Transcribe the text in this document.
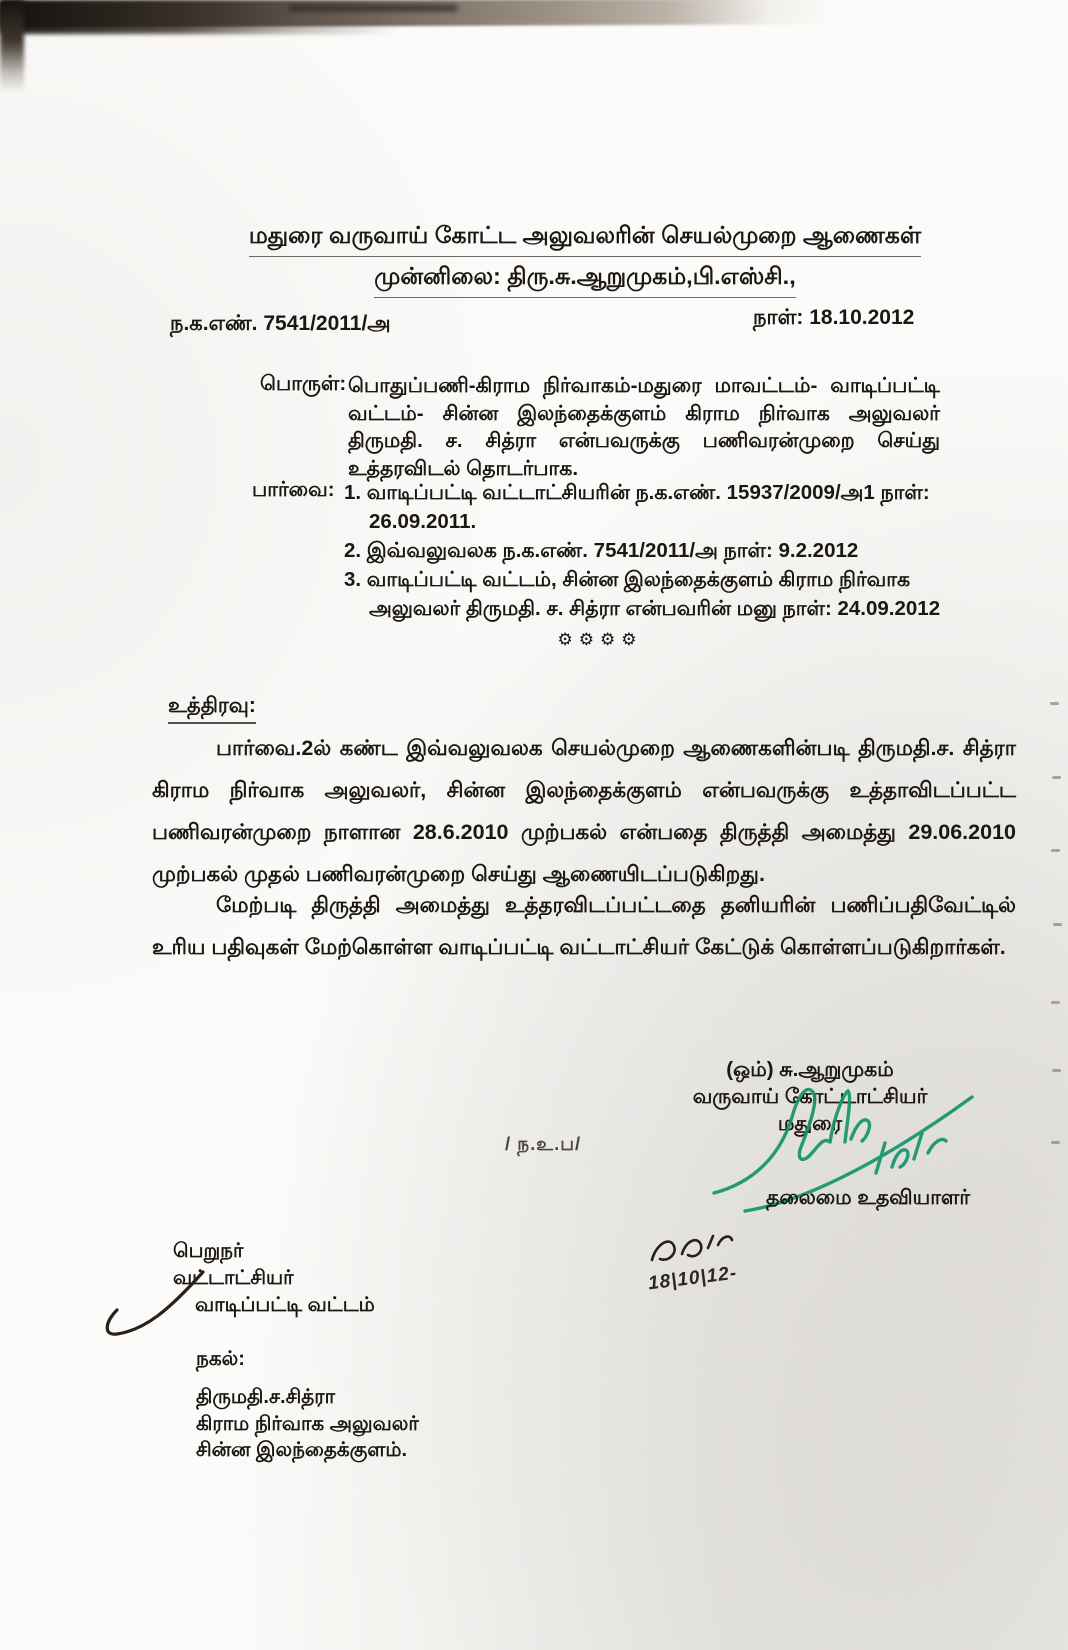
மதுரை வருவாய் கோட்ட அலுவலரின் செயல்முறை ஆணைகள்
முன்னிலை: திரு.சு.ஆறுமுகம்,பி.எஸ்சி.,
ந.க.எண். 7541/2011/அ	நாள்: 18.10.2012
பொருள்: பொதுப்பணி-கிராம நிர்வாகம்-மதுரை மாவட்டம்- வாடிப்பட்டி வட்டம்- சின்ன இலந்தைக்குளம் கிராம நிர்வாக அலுவலர் திருமதி. ச. சித்ரா என்பவருக்கு பணிவரன்முறை செய்து உத்தரவிடல் தொடர்பாக.
பார்வை: 1. வாடிப்பட்டி வட்டாட்சியரின் ந.க.எண். 15937/2009/அ1 நாள்: 26.09.2011.
2. இவ்வலுவலக ந.க.எண். 7541/2011/அ நாள்: 9.2.2012
3. வாடிப்பட்டி வட்டம், சின்ன இலந்தைக்குளம் கிராம நிர்வாக அலுவலர் திருமதி. ச. சித்ரா என்பவரின் மனு நாள்: 24.09.2012
⚙⚙⚙⚙
உத்திரவு:
பார்வை.2ல் கண்ட இவ்வலுவலக செயல்முறை ஆணைகளின்படி திருமதி.ச. சித்ரா கிராம நிர்வாக அலுவலர், சின்ன இலந்தைக்குளம் என்பவருக்கு உத்தாவிடப்பட்ட பணிவரன்முறை நாளான 28.6.2010 முற்பகல் என்பதை திருத்தி அமைத்து 29.06.2010 முற்பகல் முதல் பணிவரன்முறை செய்து ஆணையிடப்படுகிறது.
மேற்படி திருத்தி அமைத்து உத்தரவிடப்பட்டதை தனியரின் பணிப்பதிவேட்டில் உரிய பதிவுகள் மேற்கொள்ள வாடிப்பட்டி வட்டாட்சியர் கேட்டுக் கொள்ளப்படுகிறார்கள்.
(ஒம்) சு.ஆறுமுகம்
வருவாய் கோட்டாட்சியர்
மதுரை
/ ந.உ.ப/
தலைமை உதவியாளர்
18|10|12-
பெறுநர்
வட்டாட்சியர்
வாடிப்பட்டி வட்டம்
நகல்:
திருமதி.ச.சித்ரா
கிராம நிர்வாக அலுவலர்
சின்ன இலந்தைக்குளம்.
